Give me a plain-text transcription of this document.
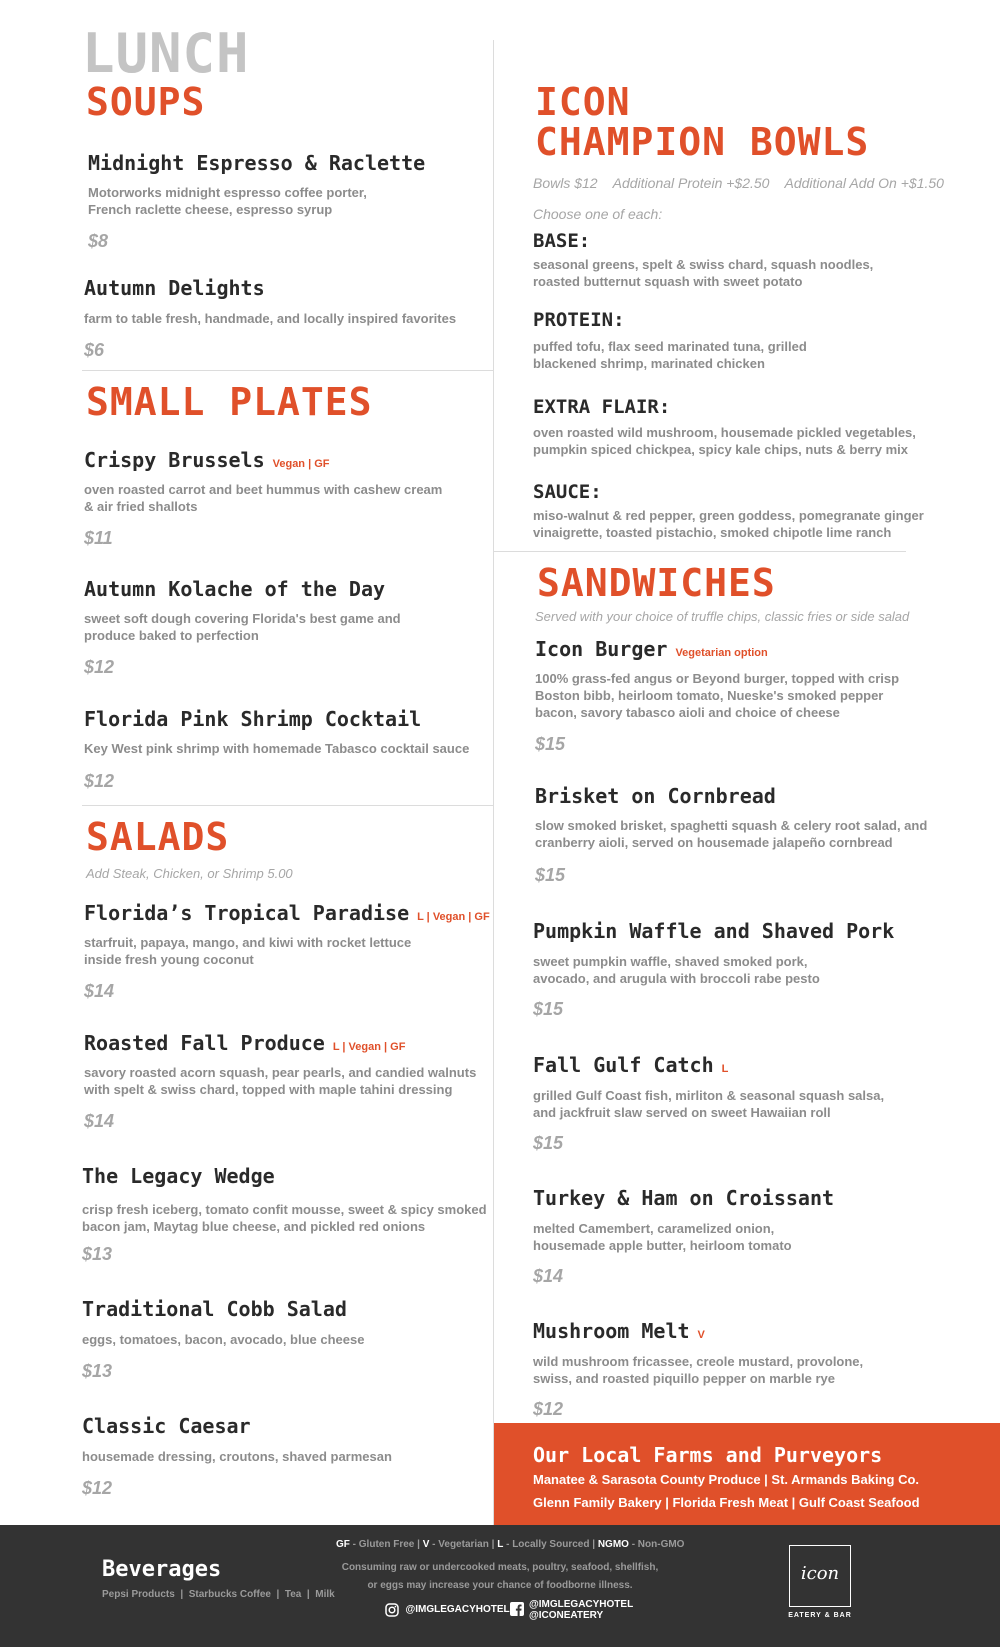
LUNCH
SOUPS
Midnight Espresso & Raclette
Motorworks midnight espresso coffee porter,
French raclette cheese, espresso syrup
$8
Autumn Delights
farm to table fresh, handmade, and locally inspired favorites
$6
SMALL PLATES
Crispy Brussels Vegan | GF
oven roasted carrot and beet hummus with cashew cream
& air fried shallots
$11
Autumn Kolache of the Day
sweet soft dough covering Florida's best game and
produce baked to perfection
$12
Florida Pink Shrimp Cocktail
Key West pink shrimp with homemade Tabasco cocktail sauce
$12
SALADS
Add Steak, Chicken, or Shrimp 5.00
Florida’s Tropical Paradise L | Vegan | GF
starfruit, papaya, mango, and kiwi with rocket lettuce
inside fresh young coconut
$14
Roasted Fall Produce L | Vegan | GF
savory roasted acorn squash, pear pearls, and candied walnuts
with spelt & swiss chard, topped with maple tahini dressing
$14
The Legacy Wedge
crisp fresh iceberg, tomato confit mousse, sweet & spicy smoked
bacon jam, Maytag blue cheese, and pickled red onions
$13
Traditional Cobb Salad
eggs, tomatoes, bacon, avocado, blue cheese
$13
Classic Caesar
housemade dressing, croutons, shaved parmesan
$12
ICON
CHAMPION BOWLS
Bowls $12    Additional Protein +$2.50    Additional Add On +$1.50
Choose one of each:
BASE:
seasonal greens, spelt & swiss chard, squash noodles,
roasted butternut squash with sweet potato
PROTEIN:
puffed tofu, flax seed marinated tuna, grilled
blackened shrimp, marinated chicken
EXTRA FLAIR:
oven roasted wild mushroom, housemade pickled vegetables,
pumpkin spiced chickpea, spicy kale chips, nuts & berry mix
SAUCE:
miso-walnut & red pepper, green goddess, pomegranate ginger
vinaigrette, toasted pistachio, smoked chipotle lime ranch
SANDWICHES
Served with your choice of truffle chips, classic fries or side salad
Icon Burger Vegetarian option
100% grass-fed angus or Beyond burger, topped with crisp
Boston bibb, heirloom tomato, Nueske's smoked pepper
bacon, savory tabasco aioli and choice of cheese
$15
Brisket on Cornbread
slow smoked brisket, spaghetti squash & celery root salad, and
cranberry aioli, served on housemade jalapeño cornbread
$15
Pumpkin Waffle and Shaved Pork
sweet pumpkin waffle, shaved smoked pork,
avocado, and arugula with broccoli rabe pesto
$15
Fall Gulf Catch L
grilled Gulf Coast fish, mirliton & seasonal squash salsa,
and jackfruit slaw served on sweet Hawaiian roll
$15
Turkey & Ham on Croissant
melted Camembert, caramelized onion,
housemade apple butter, heirloom tomato
$14
Mushroom Melt V
wild mushroom fricassee, creole mustard, provolone,
swiss, and roasted piquillo pepper on marble rye
$12
Our Local Farms and Purveyors
Manatee & Sarasota County Produce | St. Armands Baking Co.
Glenn Family Bakery | Florida Fresh Meat | Gulf Coast Seafood
Beverages
Pepsi Products  |  Starbucks Coffee  |  Tea  |  Milk
GF - Gluten Free | V - Vegetarian | L - Locally Sourced | NGMO - Non-GMO
Consuming raw or undercooked meats, poultry, seafood, shellfish,
or eggs may increase your chance of foodborne illness.
@IMGLEGACYHOTEL @IMGLEGACYHOTEL
@ICONEATERY
icon
EATERY & BAR
